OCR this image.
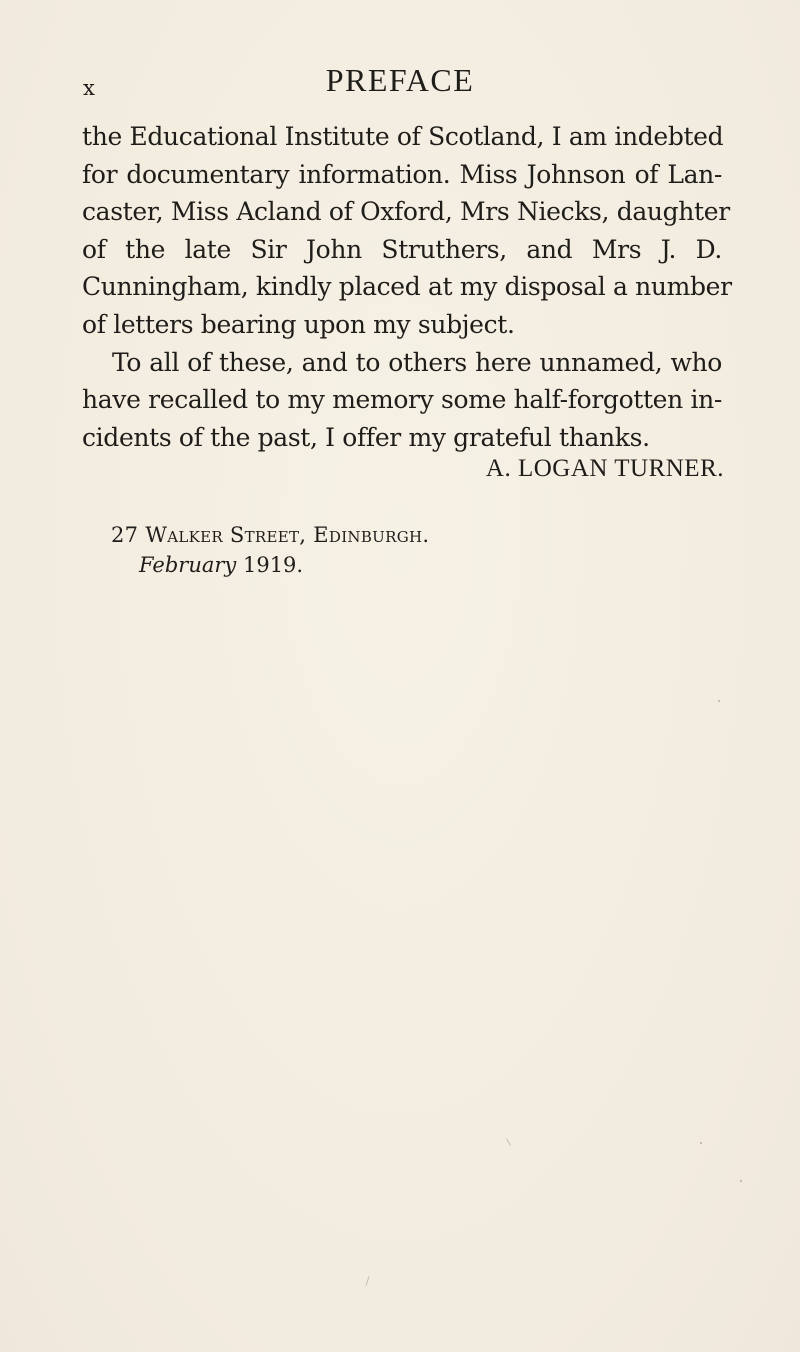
x	PREFACE
the Educational Institute of Scotland, I am indebted
for documentary information. Miss Johnson of Lan-
caster, Miss Acland of Oxford, Mrs Niecks, daughter
of the late Sir John Struthers, and Mrs J. D.
Cunningham, kindly placed at my disposal a number
of letters bearing upon my subject.
To all of these, and to others here unnamed, who
have recalled to my memory some half-forgotten in-
cidents of the past, I offer my grateful thanks.
A. LOGAN TURNER.
27 Walker Street, Edinburgh.
February 1919.
